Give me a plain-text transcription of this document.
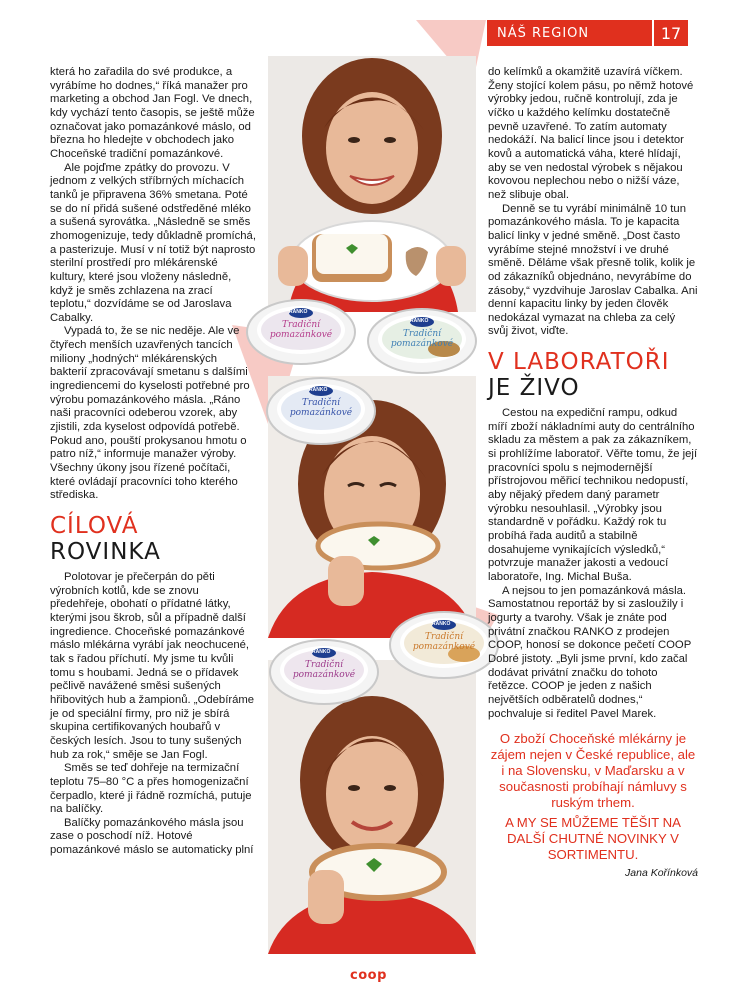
NÁŠ REGION	17
RANKO
Tradiční
pomazánkové
RANKO
Tradiční
pomazánkové
RANKO
Tradiční
pomazánkové
RANKO
Tradiční
pomazánkové
RANKO
Tradiční
pomazánkové

která ho zařadila do své produkce, a vyrábíme ho dodnes,“ říká manažer pro marketing a obchod Jan Fogl. Ve dnech, kdy vychází tento časopis, se ještě může označovat jako pomazánkové máslo, od března ho hledejte v obchodech jako Choceňské tradiční pomazánkové.

Ale pojďme zpátky do provozu. V jednom z velkých stříbrných míchacích tanků je připravena 36% smetana. Poté se do ní přidá sušené odstředěné mléko a sušená syrovátka. „Následně se směs zhomogenizuje, tedy důkladně promíchá, a pasterizuje. Musí v ní totiž být naprosto sterilní prostředí pro mlékárenské kultury, které jsou vloženy následně, když je směs zchlazena na zrací teplotu,“ dozvídáme se od Jaroslava Cabalky.

Vypadá to, že se nic neděje. Ale ve čtyřech menších uzavřených tancích miliony „hodných“ mlékárenských bakterií zpracovávají smetanu s dalšími ingrediencemi do kyselosti potřebné pro výrobu pomazánkového másla. „Ráno naši pracovníci odeberou vzorek, aby zjistili, zda kyselost odpovídá potřebě. Pokud ano, pouští prokysanou hmotu o patro níž,“ informuje manažer výroby. Všechny úkony jsou řízené počítači, které ovládají pracovníci toho kterého střediska.

CÍLOVÁ

ROVINKA

Polotovar je přečerpán do pěti výrobních kotlů, kde se znovu předehřeje, obohatí o přídatné látky, kterými jsou škrob, sůl a případně další ingredience. Choceňské pomazánkové máslo mlékárna vyrábí jak neochucené, tak s řadou příchutí. My jsme tu kvůli tomu s houbami. Jedná se o přídavek pečlivě navážené směsi sušených hřibovitých hub a žampionů. „Odebíráme je od speciální firmy, pro niž je sbírá skupina certifikovaných houbařů v českých lesích. Jsou to tuny sušených hub za rok,“ směje se Jan Fogl.

Směs se teď dohřeje na termizační teplotu 75–80 °C a přes homogenizační čerpadlo, které ji řádně rozmíchá, putuje na balíčky.

Balíčky pomazánkového másla jsou zase o poschodí níž. Hotové pomazánkové máslo se automaticky plní

do kelímků a okamžitě uzavírá víčkem. Ženy stojící kolem pásu, po němž hotové výrobky jedou, ručně kontrolují, zda je víčko u každého kelímku dostatečně pevně uzavřené. To zatím automaty nedokáží. Na balicí lince jsou i detektor kovů a automatická váha, které hlídají, aby se ven nedostal výrobek s nějakou kovovou neplechou nebo o nižší váze, než slibuje obal.

Denně se tu vyrábí minimálně 10 tun pomazánkového másla. To je kapacita balicí linky v jedné směně. „Dost často vyrábíme stejné množství i ve druhé směně. Děláme však přesně tolik, kolik je od zákazníků objednáno, nevyrábíme do zásoby,“ vyzdvihuje Jaroslav Cabalka. Ani denní kapacitu linky by jeden člověk nedokázal vymazat na chleba za celý svůj život, viďte.

V LABORATOŘI

JE ŽIVO

Cestou na expediční rampu, odkud míří zboží nákladními auty do centrálního skladu za městem a pak za zákazníkem, si prohlížíme laboratoř. Věřte tomu, že její pracovníci spolu s nejmodernější přístrojovou měřicí technikou nedopustí, aby nějaký předem daný parametr výrobku nesouhlasil. „Výrobky jsou standardně v pořádku. Každý rok tu probíhá řada auditů a stabilně dosahujeme vynikajících výsledků,“ potvrzuje manažer jakosti a vedoucí laboratoře, Ing. Michal Buša.

A nejsou to jen pomazánková másla. Samostatnou reportáž by si zasloužily i jogurty a tvarohy. Však je znáte pod privátní značkou RANKO z prodejen COOP, honosí se dokonce pečetí COOP Dobré jistoty. „Byli jsme první, kdo začal dodávat privátní značku do tohoto řetězce. COOP je jeden z našich největších odběratelů dodnes,“ pochvaluje si ředitel Pavel Marek.

O zboží Choceňské mlékárny je zájem nejen v České republice, ale i na Slovensku, v Maďarsku a v současnosti probíhají námluvy s ruským trhem.

A MY SE MŮŽEME TĚŠIT NA DALŠÍ CHUTNÉ NOVINKY V SORTIMENTU.

Jana Kořínková

coop
